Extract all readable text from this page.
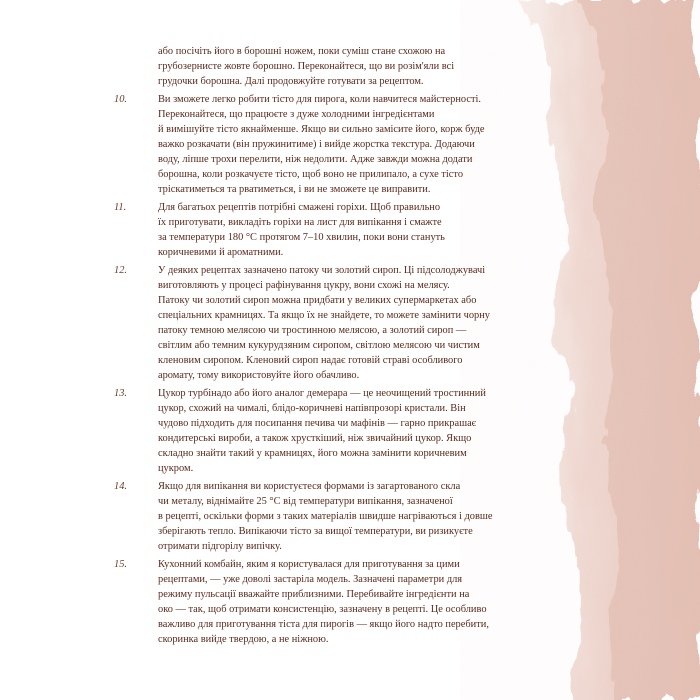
або посічіть його в борошні ножем, поки суміш стане схожою на
грубозернисте жовте борошно. Переконайтеся, що ви розім'яли всі
грудочки борошна. Далі продовжуйте готувати за рецептом.
10.	Ви зможете легко робити тісто для пирога, коли навчитеся майстерності.
Переконайтеся, що працюєте з дуже холодними інгредієнтами
й вимішуйте тісто якнайменше. Якщо ви сильно замісите його, корж буде
важко розкачати (він пружинитиме) і вийде жорстка текстура. Додаючи
воду, ліпше трохи перелити, ніж недолити. Адже завжди можна додати
борошна, коли розкачуєте тісто, щоб воно не прилипало, а сухе тісто
тріскатиметься та рватиметься, і ви не зможете це виправити.
11.	Для багатьох рецептів потрібні смажені горіхи. Щоб правильно
їх приготувати, викладіть горіхи на лист для випікання і смажте
за температури 180 °С протягом 7–10 хвилин, поки вони стануть
коричневими й ароматними.
12.	У деяких рецептах зазначено патоку чи золотий сироп. Ці підсолоджувачі
виготовляють у процесі рафінування цукру, вони схожі на мелясу.
Патоку чи золотий сироп можна придбати у великих супермаркетах або
спеціальних крамницях. Та якщо їх не знайдете, то можете замінити чорну
патоку темною мелясою чи тростинною мелясою, а золотий сироп —
світлим або темним кукурудзяним сиропом, світлою мелясою чи чистим
кленовим сиропом. Кленовий сироп надає готовій страві особливого
аромату, тому використовуйте його обачливо.
13.	Цукор турбінадо або його аналог демерара — це неочищений тростинний
цукор, схожий на чималі, блідо-коричневі напівпрозорі кристали. Він
чудово підходить для посипання печива чи мафінів — гарно прикрашає
кондитерські вироби, а також хрусткіший, ніж звичайний цукор. Якщо
складно знайти такий у крамницях, його можна замінити коричневим
цукром.
14.	Якщо для випікання ви користуєтеся формами із загартованого скла
чи металу, віднімайте 25 °С від температури випікання, зазначеної
в рецепті, оскільки форми з таких матеріалів швидше нагріваються і довше
зберігають тепло. Випікаючи тісто за вищої температури, ви ризикуєте
отримати підгорілу випічку.
15.	Кухонний комбайн, яким я користувалася для приготування за цими
рецептами, — уже доволі застаріла модель. Зазначені параметри для
режиму пульсації вважайте приблизними. Перебивайте інгредієнти на
око — так, щоб отримати консистенцію, зазначену в рецепті. Це особливо
важливо для приготування тіста для пирогів — якщо його надто перебити,
скоринка вийде твердою, а не ніжною.
